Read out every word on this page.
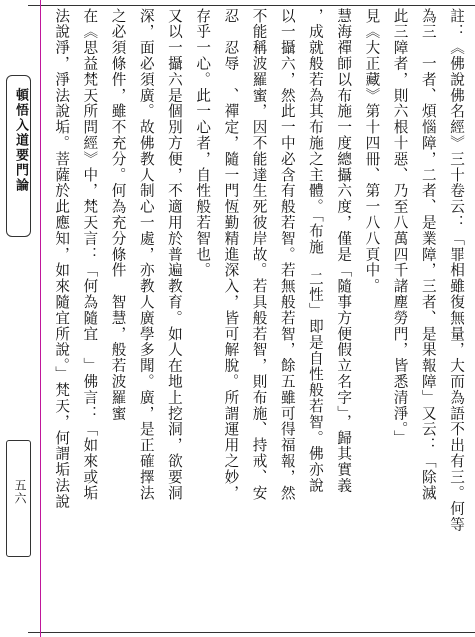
頓悟入道要門論
五六	註：《佛說佛名經》三十卷云：「罪相雖復無量，大而為語不出有三。何等
為三　一者、煩惱障，二者、是業障，三者、是果報障」又云：「除滅
此三障者，則六根十惡、乃至八萬四千諸塵勞門，皆悉清淨。」
見《大正藏》第十四冊、第一八八頁中。
慧海禪師以布施一度總攝六度，僅是「隨事方便假立名字」，歸其實義
，成就般若為其布施之主體。「布施　二性」即是自性般若智。佛亦說
以一攝六，然此一中必含有般若智。若無般若智，餘五雖可得福報，然
不能稱波羅蜜，因不能達生死彼岸故。若具般若智，則布施、持戒、安
忍　忍辱　、禪定，隨一門恆勤精進深入，皆可解脫。所謂運用之妙，
存乎一心。此一心者，自性般若智也。
又以一攝六是個別方便，不適用於普遍教育。如人在地上挖洞，欲要洞
深，面必須廣。故佛教人制心一處，亦教人廣學多聞。廣，是正確擇法
之必須條件，雖不充分。何為充分條件　智慧，般若波羅蜜
在《思益梵天所問經》中，梵天言：「何為隨宜　」佛言：「如來或垢
法說淨，淨法說垢。菩薩於此應知，如來隨宜所說。」梵天，何謂垢法說
